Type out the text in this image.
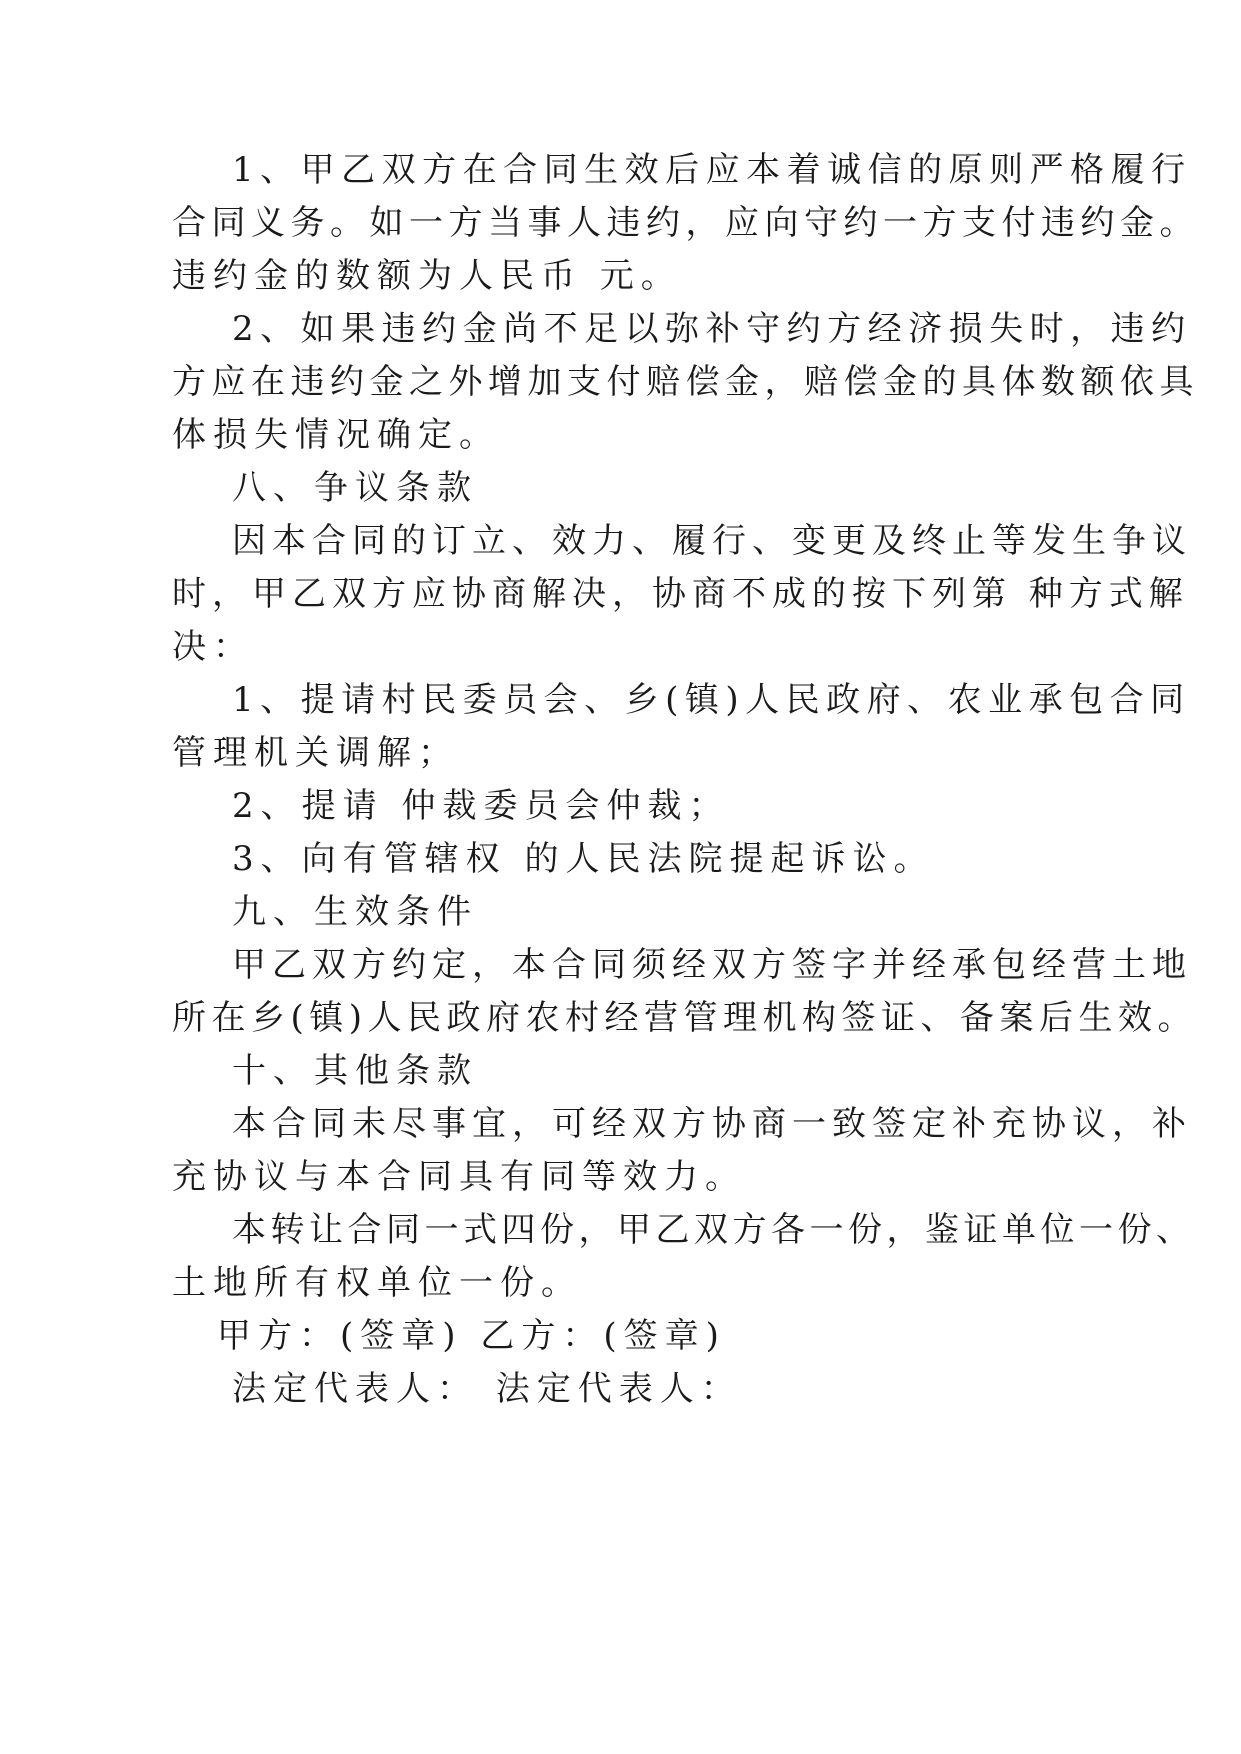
1、甲乙双方在合同生效后应本着诚信的原则严格履行
合同义务。如一方当事人违约，应向守约一方支付违约金。
违约金的数额为人民币 元。
2、如果违约金尚不足以弥补守约方经济损失时，违约
方应在违约金之外增加支付赔偿金，赔偿金的具体数额依具
体损失情况确定。
八、争议条款
因本合同的订立、效力、履行、变更及终止等发生争议
时，甲乙双方应协商解决，协商不成的按下列第 种方式解
决：
1、提请村民委员会、乡(镇)人民政府、农业承包合同
管理机关调解；
2、提请 仲裁委员会仲裁；
3、向有管辖权 的人民法院提起诉讼。
九、生效条件
甲乙双方约定，本合同须经双方签字并经承包经营土地
所在乡(镇)人民政府农村经营管理机构签证、备案后生效。
十、其他条款
本合同未尽事宜，可经双方协商一致签定补充协议，补
充协议与本合同具有同等效力。
本转让合同一式四份，甲乙双方各一份，鉴证单位一份、
土地所有权单位一份。
甲方：(签章) 乙方：(签章)
法定代表人： 法定代表人：
